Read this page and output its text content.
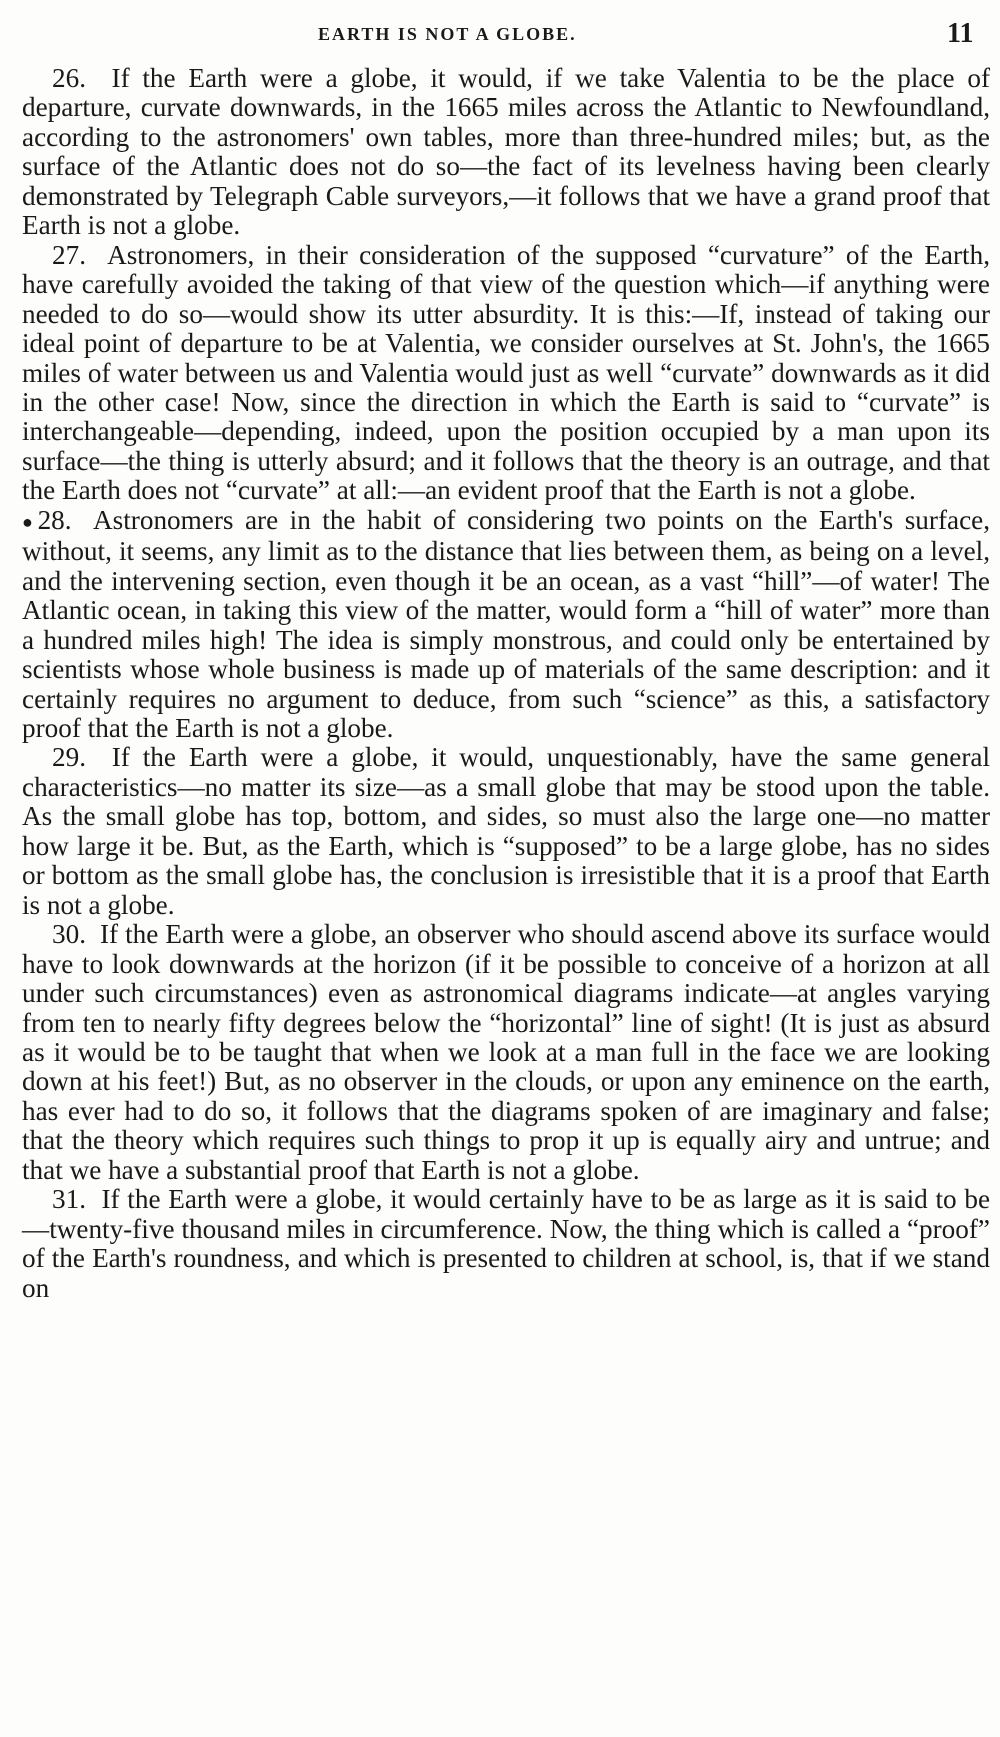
EARTH IS NOT A GLOBE.	11

26. If the Earth were a globe, it would, if we take Valentia to be the place of departure, curvate downwards, in the 1665 miles across the Atlantic to Newfoundland, according to the astronomers' own tables, more than three-hundred miles; but, as the surface of the Atlantic does not do so—the fact of its levelness having been clearly demonstrated by Telegraph Cable surveyors,—it follows that we have a grand proof that Earth is not a globe.

27. Astronomers, in their consideration of the supposed “curvature” of the Earth, have carefully avoided the taking of that view of the question which—if anything were needed to do so—would show its utter absurdity. It is this:—If, instead of taking our ideal point of departure to be at Valentia, we consider ourselves at St. John's, the 1665 miles of water between us and Valentia would just as well “curvate” downwards as it did in the other case! Now, since the direction in which the Earth is said to “curvate” is interchangeable—depending, indeed, upon the position occupied by a man upon its surface—the thing is utterly absurd; and it follows that the theory is an outrage, and that the Earth does not “curvate” at all:—an evident proof that the Earth is not a globe.

●28. Astronomers are in the habit of considering two points on the Earth's surface, without, it seems, any limit as to the distance that lies between them, as being on a level, and the intervening section, even though it be an ocean, as a vast “hill”—of water! The Atlantic ocean, in taking this view of the matter, would form a “hill of water” more than a hundred miles high! The idea is simply monstrous, and could only be entertained by scientists whose whole business is made up of materials of the same description: and it certainly requires no argument to deduce, from such “science” as this, a satisfactory proof that the Earth is not a globe.

29. If the Earth were a globe, it would, unquestionably, have the same general characteristics—no matter its size—as a small globe that may be stood upon the table. As the small globe has top, bottom, and sides, so must also the large one—no matter how large it be. But, as the Earth, which is “supposed” to be a large globe, has no sides or bottom as the small globe has, the conclusion is irresistible that it is a proof that Earth is not a globe.

30. If the Earth were a globe, an observer who should ascend above its surface would have to look downwards at the horizon (if it be possible to conceive of a horizon at all under such circumstances) even as astronomical diagrams indicate—at angles varying from ten to nearly fifty degrees below the “horizontal” line of sight! (It is just as absurd as it would be to be taught that when we look at a man full in the face we are looking down at his feet!) But, as no observer in the clouds, or upon any eminence on the earth, has ever had to do so, it follows that the diagrams spoken of are imaginary and false; that the theory which requires such things to prop it up is equally airy and untrue; and that we have a substantial proof that Earth is not a globe.

31. If the Earth were a globe, it would certainly have to be as large as it is said to be—twenty-five thousand miles in circumference. Now, the thing which is called a “proof” of the Earth's roundness, and which is presented to children at school, is, that if we stand on
